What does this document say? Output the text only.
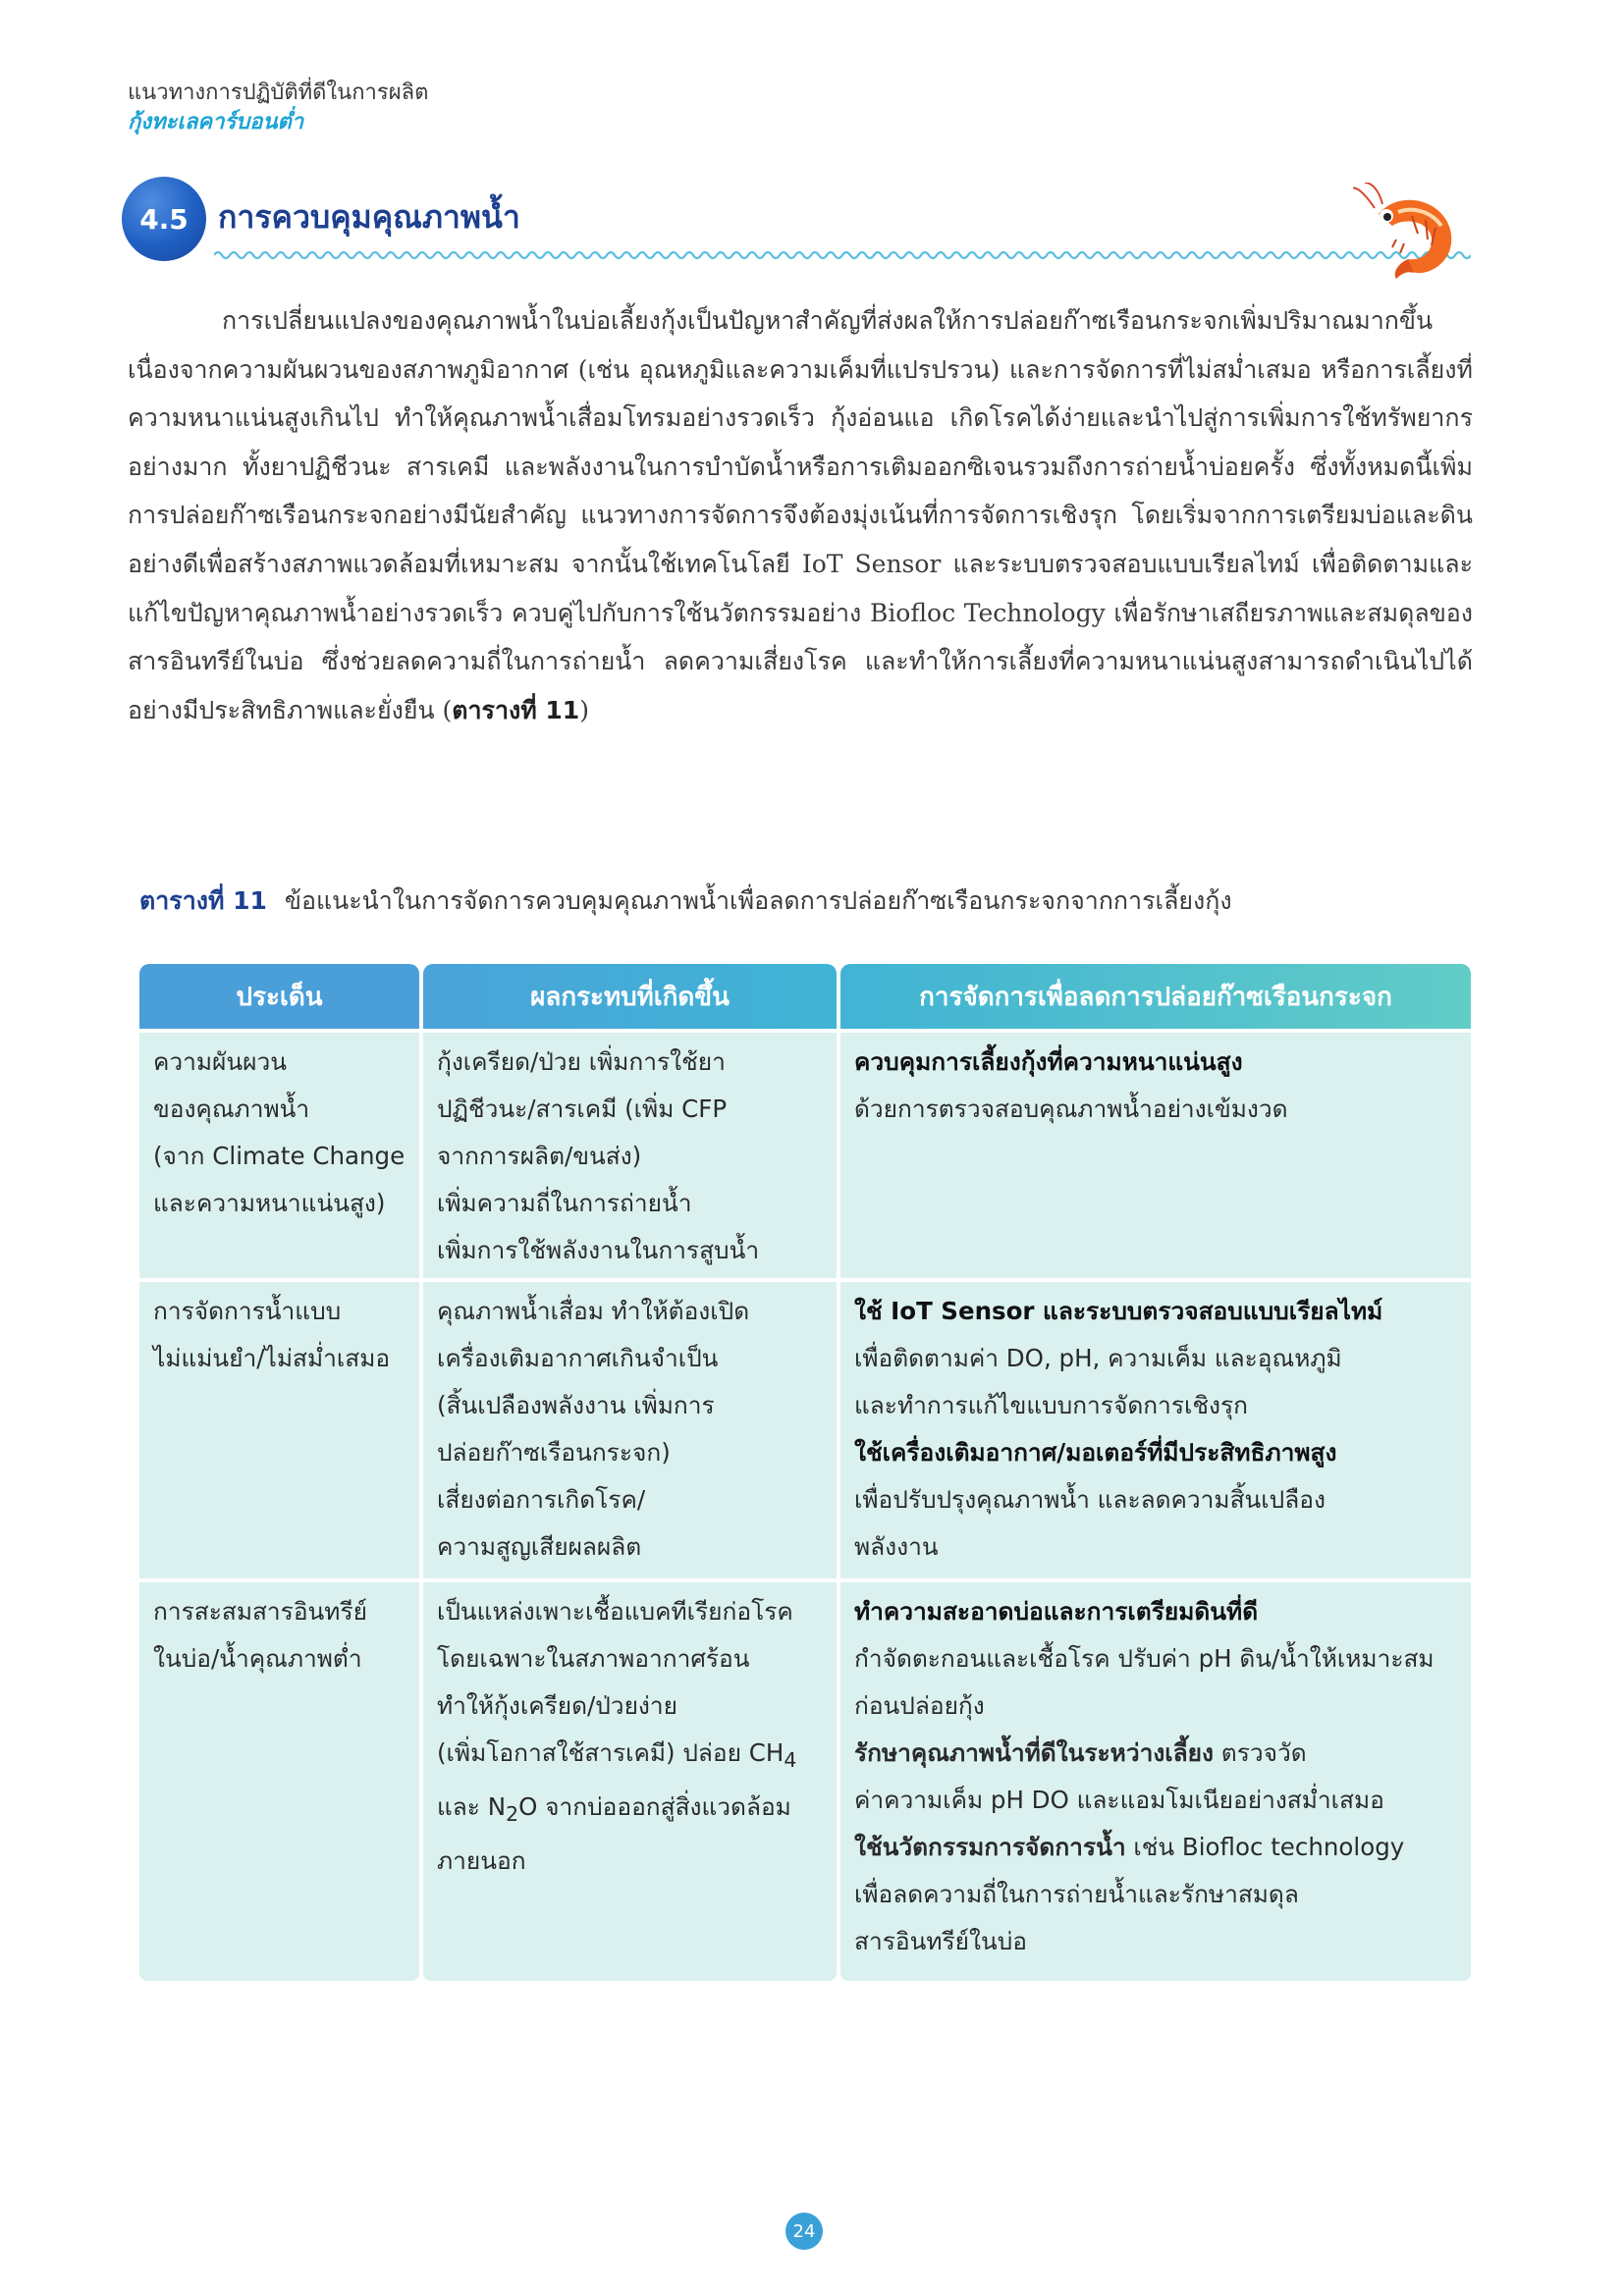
แนวทางการปฏิบัติที่ดีในการผลิต
กุ้งทะเลคาร์บอนต่ำ
4.5 การควบคุมคุณภาพน้ำ

การเปลี่ยนแปลงของคุณภาพน้ำในบ่อเลี้ยงกุ้งเป็นปัญหาสำคัญที่ส่งผลให้การปล่อยก๊าซเรือนกระจกเพิ่มปริมาณมากขึ้น เนื่องจากความผันผวนของสภาพภูมิอากาศ (เช่น อุณหภูมิและความเค็มที่แปรปรวน) และการจัดการที่ไม่สม่ำเสมอ หรือการเลี้ยงที่ความหนาแน่นสูงเกินไป ทำให้คุณภาพน้ำเสื่อมโทรมอย่างรวดเร็ว กุ้งอ่อนแอ เกิดโรคได้ง่ายและนำไปสู่การเพิ่มการใช้ทรัพยากรอย่างมาก ทั้งยาปฏิชีวนะ สารเคมี และพลังงานในการบำบัดน้ำหรือการเติมออกซิเจนรวมถึงการถ่ายน้ำบ่อยครั้ง ซึ่งทั้งหมดนี้เพิ่มการปล่อยก๊าซเรือนกระจกอย่างมีนัยสำคัญ แนวทางการจัดการจึงต้องมุ่งเน้นที่การจัดการเชิงรุก โดยเริ่มจากการเตรียมบ่อและดินอย่างดีเพื่อสร้างสภาพแวดล้อมที่เหมาะสม จากนั้นใช้เทคโนโลยี IoT Sensor และระบบตรวจสอบแบบเรียลไทม์ เพื่อติดตามและแก้ไขปัญหาคุณภาพน้ำอย่างรวดเร็ว ควบคู่ไปกับการใช้นวัตกรรมอย่าง Biofloc Technology เพื่อรักษาเสถียรภาพและสมดุลของสารอินทรีย์ในบ่อ ซึ่งช่วยลดความถี่ในการถ่ายน้ำ ลดความเสี่ยงโรค และทำให้การเลี้ยงที่ความหนาแน่นสูงสามารถดำเนินไปได้อย่างมีประสิทธิภาพและยั่งยืน (ตารางที่ 11)

ตารางที่ 11 ข้อแนะนำในการจัดการควบคุมคุณภาพน้ำเพื่อลดการปล่อยก๊าซเรือนกระจกจากการเลี้ยงกุ้ง
ประเด็น	ผลกระทบที่เกิดขึ้น	การจัดการเพื่อลดการปล่อยก๊าซเรือนกระจก
ความผันผวน
ของคุณภาพน้ำ
(จาก Climate Change
และความหนาแน่นสูง)
กุ้งเครียด/ป่วย เพิ่มการใช้ยา
ปฏิชีวนะ/สารเคมี (เพิ่ม CFP
จากการผลิต/ขนส่ง)
เพิ่มความถี่ในการถ่ายน้ำ
เพิ่มการใช้พลังงานในการสูบน้ำ
ควบคุมการเลี้ยงกุ้งที่ความหนาแน่นสูง
ด้วยการตรวจสอบคุณภาพน้ำอย่างเข้มงวด
การจัดการน้ำแบบ
ไม่แม่นยำ/ไม่สม่ำเสมอ
คุณภาพน้ำเสื่อม ทำให้ต้องเปิด
เครื่องเติมอากาศเกินจำเป็น
(สิ้นเปลืองพลังงาน เพิ่มการ
ปล่อยก๊าซเรือนกระจก)
เสี่ยงต่อการเกิดโรค/
ความสูญเสียผลผลิต
ใช้ IoT Sensor และระบบตรวจสอบแบบเรียลไทม์
เพื่อติดตามค่า DO, pH, ความเค็ม และอุณหภูมิ
และทำการแก้ไขแบบการจัดการเชิงรุก
ใช้เครื่องเติมอากาศ/มอเตอร์ที่มีประสิทธิภาพสูง
เพื่อปรับปรุงคุณภาพน้ำ และลดความสิ้นเปลือง
พลังงาน
การสะสมสารอินทรีย์
ในบ่อ/น้ำคุณภาพต่ำ
เป็นแหล่งเพาะเชื้อแบคทีเรียก่อโรค
โดยเฉพาะในสภาพอากาศร้อน
ทำให้กุ้งเครียด/ป่วยง่าย
(เพิ่มโอกาสใช้สารเคมี) ปล่อย $CH_4$
และ $N_2O$ จากบ่อออกสู่สิ่งแวดล้อม
ภายนอก
ทำความสะอาดบ่อและการเตรียมดินที่ดี
กำจัดตะกอนและเชื้อโรค ปรับค่า pH ดิน/น้ำให้เหมาะสม
ก่อนปล่อยกุ้ง
รักษาคุณภาพน้ำที่ดีในระหว่างเลี้ยง ตรวจวัด
ค่าความเค็ม pH DO และแอมโมเนียอย่างสม่ำเสมอ
ใช้นวัตกรรมการจัดการน้ำ เช่น Biofloc technology
เพื่อลดความถี่ในการถ่ายน้ำและรักษาสมดุล
สารอินทรีย์ในบ่อ
24
